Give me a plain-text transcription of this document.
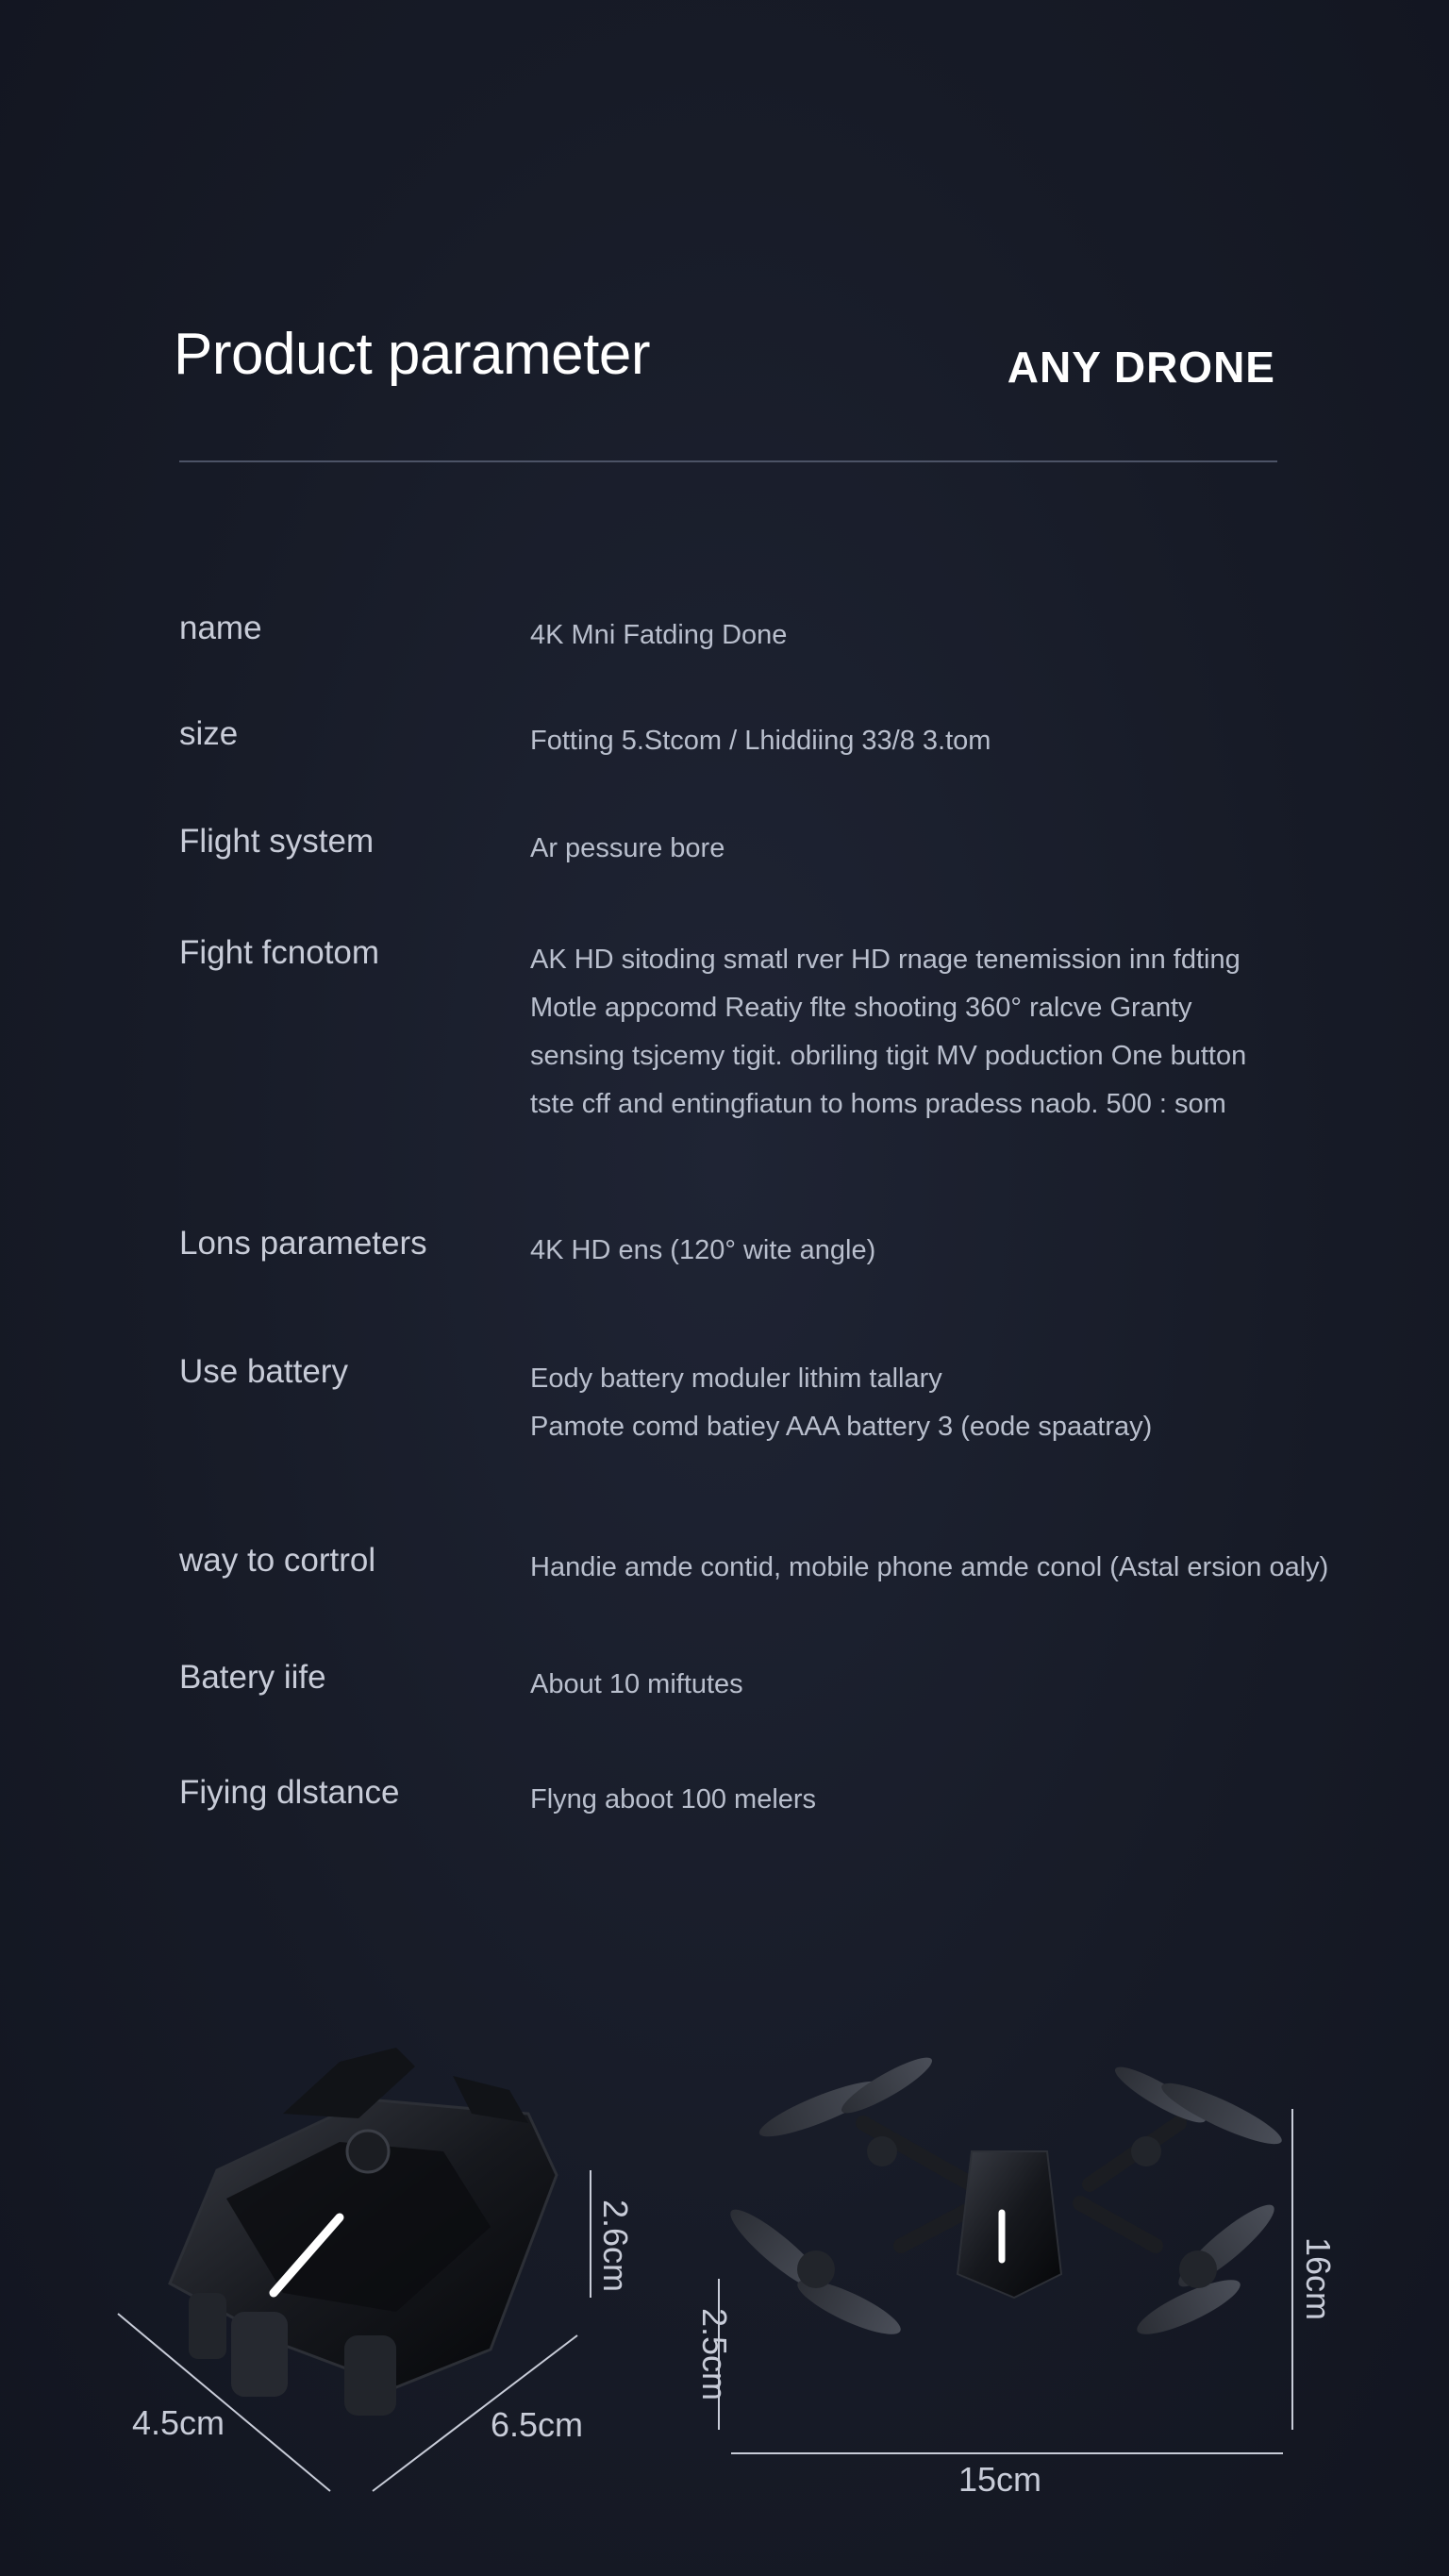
Product parameter	ANY DRONE
name	4K Mni Fatding Done
size	Fotting 5.Stcom / Lhiddiing 33/8 3.tom
Flight system	Ar pessure bore
Fight fcnotom	AK HD sitoding smatl rver HD rnage tenemission inn fdting
Motle appcomd Reatiy flte shooting 360° ralcve Granty
sensing tsjcemy tigit. obriling tigit MV poduction One button
tste cff and entingfiatun to homs pradess naob. 500 : som
Lons parameters	4K HD ens (120° wite angle)
Use battery	Eody battery moduler lithim tallary
Pamote comd batiey AAA battery 3 (eode spaatray)
way to cortrol	Handie amde contid, mobile phone amde conol (Astal ersion oaly)
Batery iife	About 10 miftutes
Fiying dlstance	Flyng aboot 100 melers
2.6cm
4.5cm	6.5cm
2.5cm
15cm
16cm
